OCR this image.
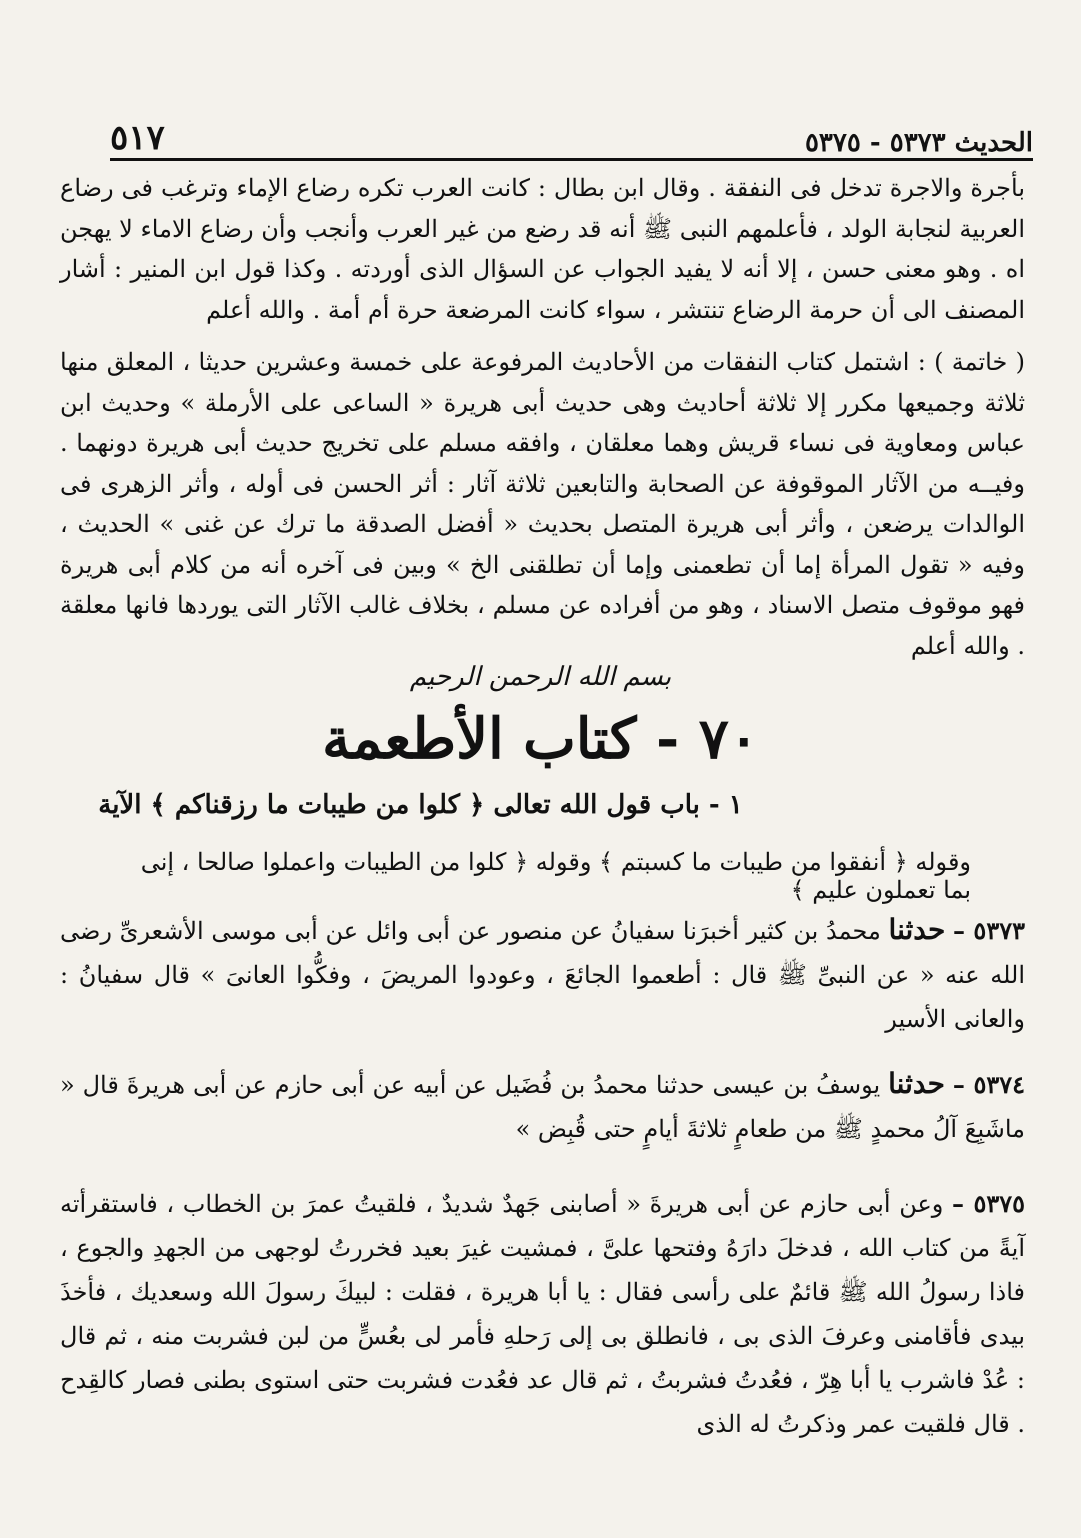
الحديث ٥٣٧٣ - ٥٣٧٥
٥١٧

بأجرة والاجرة تدخل فى النفقة . وقال ابن بطال : كانت العرب تكره رضاع الإماء وترغب فى رضاع العربية لنجابة الولد ، فأعلمهم النبى ﷺ أنه قد رضع من غير العرب وأنجب وأن رضاع الاماء لا يهجن اه . وهو معنى حسن ، إلا أنه لا يفيد الجواب عن السؤال الذى أوردته . وكذا قول ابن المنير : أشار المصنف الى أن حرمة الرضاع تنتشر ، سواء كانت المرضعة حرة أم أمة . والله أعلم

( خاتمة ) : اشتمل كتاب النفقات من الأحاديث المرفوعة على خمسة وعشرين حديثا ، المعلق منها ثلاثة وجميعها مكرر إلا ثلاثة أحاديث وهى حديث أبى هريرة « الساعى على الأرملة » وحديث ابن عباس ومعاوية فى نساء قريش وهما معلقان ، وافقه مسلم على تخريج حديث أبى هريرة دونهما . وفيــه من الآثار الموقوفة عن الصحابة والتابعين ثلاثة آثار : أثر الحسن فى أوله ، وأثر الزهرى فى الوالدات يرضعن ، وأثر أبى هريرة المتصل بحديث « أفضل الصدقة ما ترك عن غنى » الحديث ، وفيه « تقول المرأة إما أن تطعمنى وإما أن تطلقنى الخ » وبين فى آخره أنه من كلام أبى هريرة فهو موقوف متصل الاسناد ، وهو من أفراده عن مسلم ، بخلاف غالب الآثار التى يوردها فانها معلقة . والله أعلم

بسم الله الرحمن الرحيم
٧٠ - كتاب الأطعمة
١ - باب قول الله تعالى ﴿ كلوا من طيبات ما رزقناكم ﴾ الآية
وقوله ﴿ أنفقوا من طيبات ما كسبتم ﴾ وقوله ﴿ كلوا من الطيبات واعملوا صالحا ، إنى بما تعملون عليم ﴾
٥٣٧٣ – حدثنا محمدُ بن كثير أخبرَنا سفيانُ عن منصور عن أبى وائل عن أبى موسى الأشعرىِّ رضى الله عنه « عن النبىِّ ﷺ قال : أطعموا الجائعَ ، وعودوا المريضَ ، وفكُّوا العانىَ » قال سفيانُ : والعانى الأسير
٥٣٧٤ – حدثنا يوسفُ بن عيسى حدثنا محمدُ بن فُضَيل عن أبيه عن أبى حازم عن أبى هريرةَ قال « ماشَبِعَ آلُ محمدٍ ﷺ من طعامٍ ثلاثةَ أيامٍ حتى قُبِض »
٥٣٧٥ – وعن أبى حازم عن أبى هريرةَ « أصابنى جَهدٌ شديدٌ ، فلقيتُ عمرَ بن الخطاب ، فاستقرأته آيةً من كتاب الله ، فدخلَ دارَهُ وفتحها علىَّ ، فمشيت غيرَ بعيد فخررتُ لوجهى من الجهدِ والجوع ، فاذا رسولُ الله ﷺ قائمٌ على رأسى فقال : يا أبا هريرة ، فقلت : لبيكَ رسولَ الله وسعديك ، فأخذَ بيدى فأقامنى وعرفَ الذى بى ، فانطلق بى إلى رَحلهِ فأمر لى بعُسٍّ من لبن فشربت منه ، ثم قال : عُدْ فاشرب يا أبا هِرّ ، فعُدتُ فشربتُ ، ثم قال عد فعُدت فشربت حتى استوى بطنى فصار كالقِدح . قال فلقيت عمر وذكرتُ له الذى
